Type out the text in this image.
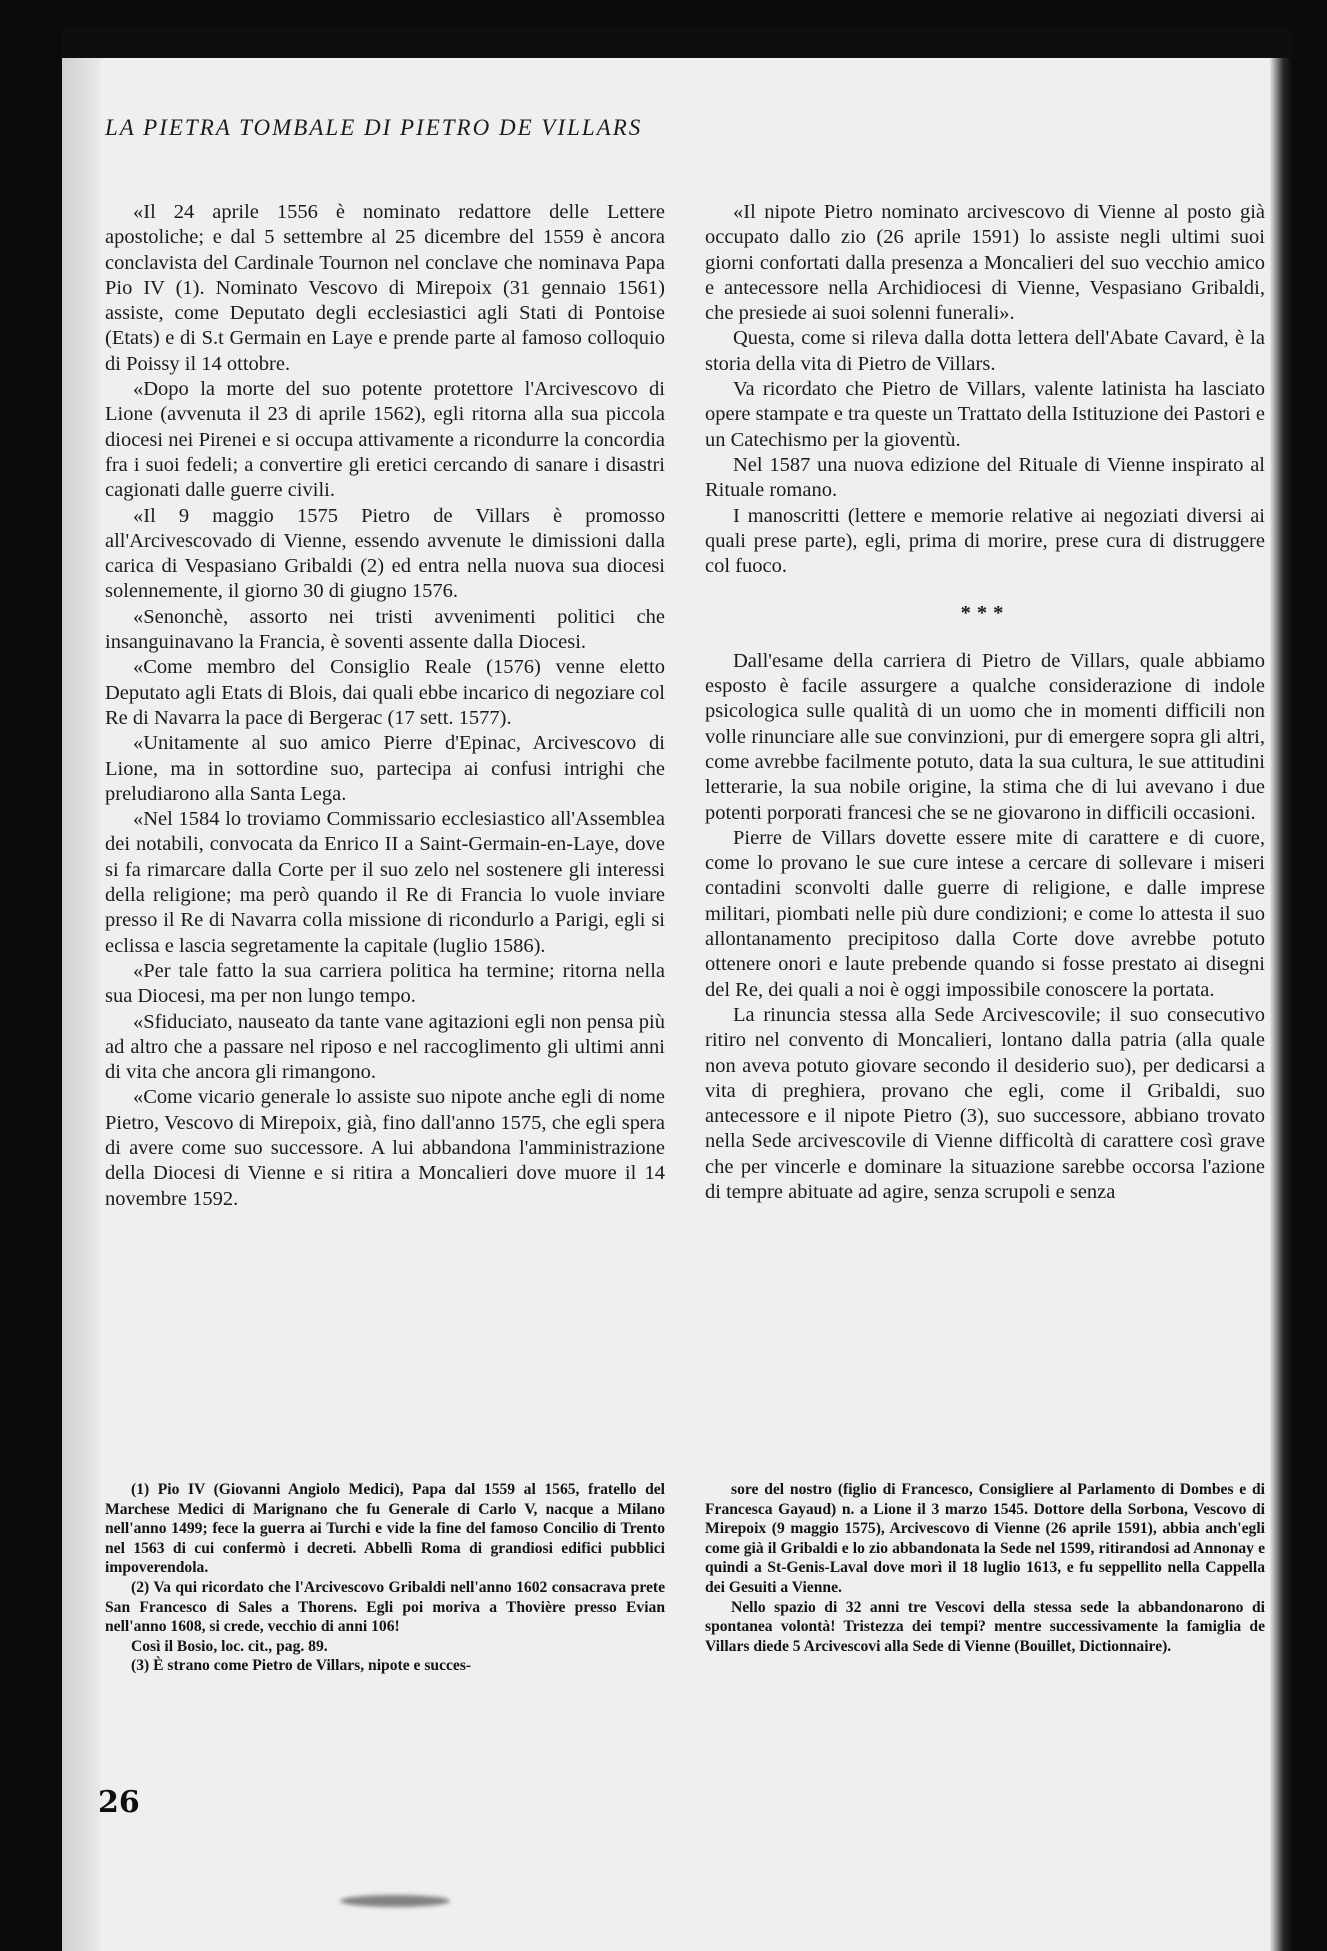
LA PIETRA TOMBALE DI PIETRO DE VILLARS

«Il 24 aprile 1556 è nominato redattore delle Lettere apostoliche; e dal 5 settembre al 25 dicembre del 1559 è ancora conclavista del Cardinale Tournon nel conclave che nominava Papa Pio IV (1). Nominato Vescovo di Mirepoix (31 gennaio 1561) assiste, come Deputato degli ecclesiastici agli Stati di Pontoise (Etats) e di S.t Germain en Laye e prende parte al famoso colloquio di Poissy il 14 ottobre.

«Dopo la morte del suo potente protettore l'Arcivescovo di Lione (avvenuta il 23 di aprile 1562), egli ritorna alla sua piccola diocesi nei Pirenei e si occupa attivamente a ricondurre la concordia fra i suoi fedeli; a convertire gli eretici cercando di sanare i disastri cagionati dalle guerre civili.

«Il 9 maggio 1575 Pietro de Villars è promosso all'Arcivescovado di Vienne, essendo avvenute le dimissioni dalla carica di Vespasiano Gribaldi (2) ed entra nella nuova sua diocesi solennemente, il giorno 30 di giugno 1576.

«Senonchè, assorto nei tristi avvenimenti politici che insanguinavano la Francia, è soventi assente dalla Diocesi.

«Come membro del Consiglio Reale (1576) venne eletto Deputato agli Etats di Blois, dai quali ebbe incarico di negoziare col Re di Navarra la pace di Bergerac (17 sett. 1577).

«Unitamente al suo amico Pierre d'Epinac, Arcivescovo di Lione, ma in sottordine suo, partecipa ai confusi intrighi che preludiarono alla Santa Lega.

«Nel 1584 lo troviamo Commissario ecclesiastico all'Assemblea dei notabili, convocata da Enrico II a Saint-Germain-en-Laye, dove si fa rimarcare dalla Corte per il suo zelo nel sostenere gli interessi della religione; ma però quando il Re di Francia lo vuole inviare presso il Re di Navarra colla missione di ricondurlo a Parigi, egli si eclissa e lascia segretamente la capitale (luglio 1586).

«Per tale fatto la sua carriera politica ha termine; ritorna nella sua Diocesi, ma per non lungo tempo.

«Sfiduciato, nauseato da tante vane agitazioni egli non pensa più ad altro che a passare nel riposo e nel raccoglimento gli ultimi anni di vita che ancora gli rimangono.

«Come vicario generale lo assiste suo nipote anche egli di nome Pietro, Vescovo di Mirepoix, già, fino dall'anno 1575, che egli spera di avere come suo successore. A lui abbandona l'amministrazione della Diocesi di Vienne e si ritira a Moncalieri dove muore il 14 novembre 1592.

«Il nipote Pietro nominato arcivescovo di Vienne al posto già occupato dallo zio (26 aprile 1591) lo assiste negli ultimi suoi giorni confortati dalla presenza a Moncalieri del suo vecchio amico e antecessore nella Archidiocesi di Vienne, Vespasiano Gribaldi, che presiede ai suoi solenni funerali».

Questa, come si rileva dalla dotta lettera dell'Abate Cavard, è la storia della vita di Pietro de Villars.

Va ricordato che Pietro de Villars, valente latinista ha lasciato opere stampate e tra queste un Trattato della Istituzione dei Pastori e un Catechismo per la gioventù.

Nel 1587 una nuova edizione del Rituale di Vienne inspirato al Rituale romano.

I manoscritti (lettere e memorie relative ai negoziati diversi ai quali prese parte), egli, prima di morire, prese cura di distruggere col fuoco.

***

Dall'esame della carriera di Pietro de Villars, quale abbiamo esposto è facile assurgere a qualche considerazione di indole psicologica sulle qualità di un uomo che in momenti difficili non volle rinunciare alle sue convinzioni, pur di emergere sopra gli altri, come avrebbe facilmente potuto, data la sua cultura, le sue attitudini letterarie, la sua nobile origine, la stima che di lui avevano i due potenti porporati francesi che se ne giovarono in difficili occasioni.

Pierre de Villars dovette essere mite di carattere e di cuore, come lo provano le sue cure intese a cercare di sollevare i miseri contadini sconvolti dalle guerre di religione, e dalle imprese militari, piombati nelle più dure condizioni; e come lo attesta il suo allontanamento precipitoso dalla Corte dove avrebbe potuto ottenere onori e laute prebende quando si fosse prestato ai disegni del Re, dei quali a noi è oggi impossibile conoscere la portata.

La rinuncia stessa alla Sede Arcivescovile; il suo consecutivo ritiro nel convento di Moncalieri, lontano dalla patria (alla quale non aveva potuto giovare secondo il desiderio suo), per dedicarsi a vita di preghiera, provano che egli, come il Gribaldi, suo antecessore e il nipote Pietro (3), suo successore, abbiano trovato nella Sede arcivescovile di Vienne difficoltà di carattere così grave che per vincerle e dominare la situazione sarebbe occorsa l'azione di tempre abituate ad agire, senza scrupoli e senza

(1) Pio IV (Giovanni Angiolo Medici), Papa dal 1559 al 1565, fratello del Marchese Medici di Marignano che fu Generale di Carlo V, nacque a Milano nell'anno 1499; fece la guerra ai Turchi e vide la fine del famoso Concilio di Trento nel 1563 di cui confermò i decreti. Abbellì Roma di grandiosi edifici pubblici impoverendola.

(2) Va qui ricordato che l'Arcivescovo Gribaldi nell'anno 1602 consacrava prete San Francesco di Sales a Thorens. Egli poi moriva a Thovière presso Evian nell'anno 1608, si crede, vecchio di anni 106!

Così il Bosio, loc. cit., pag. 89.

(3) È strano come Pietro de Villars, nipote e succes-

sore del nostro (figlio di Francesco, Consigliere al Parlamento di Dombes e di Francesca Gayaud) n. a Lione il 3 marzo 1545. Dottore della Sorbona, Vescovo di Mirepoix (9 maggio 1575), Arcivescovo di Vienne (26 aprile 1591), abbia anch'egli come già il Gribaldi e lo zio abbandonata la Sede nel 1599, ritirandosi ad Annonay e quindi a St-Genis-Laval dove morì il 18 luglio 1613, e fu seppellito nella Cappella dei Gesuiti a Vienne.

Nello spazio di 32 anni tre Vescovi della stessa sede la abbandonarono di spontanea volontà! Tristezza dei tempi? mentre successivamente la famiglia de Villars diede 5 Arcivescovi alla Sede di Vienne (Bouillet, Dictionnaire).

26
